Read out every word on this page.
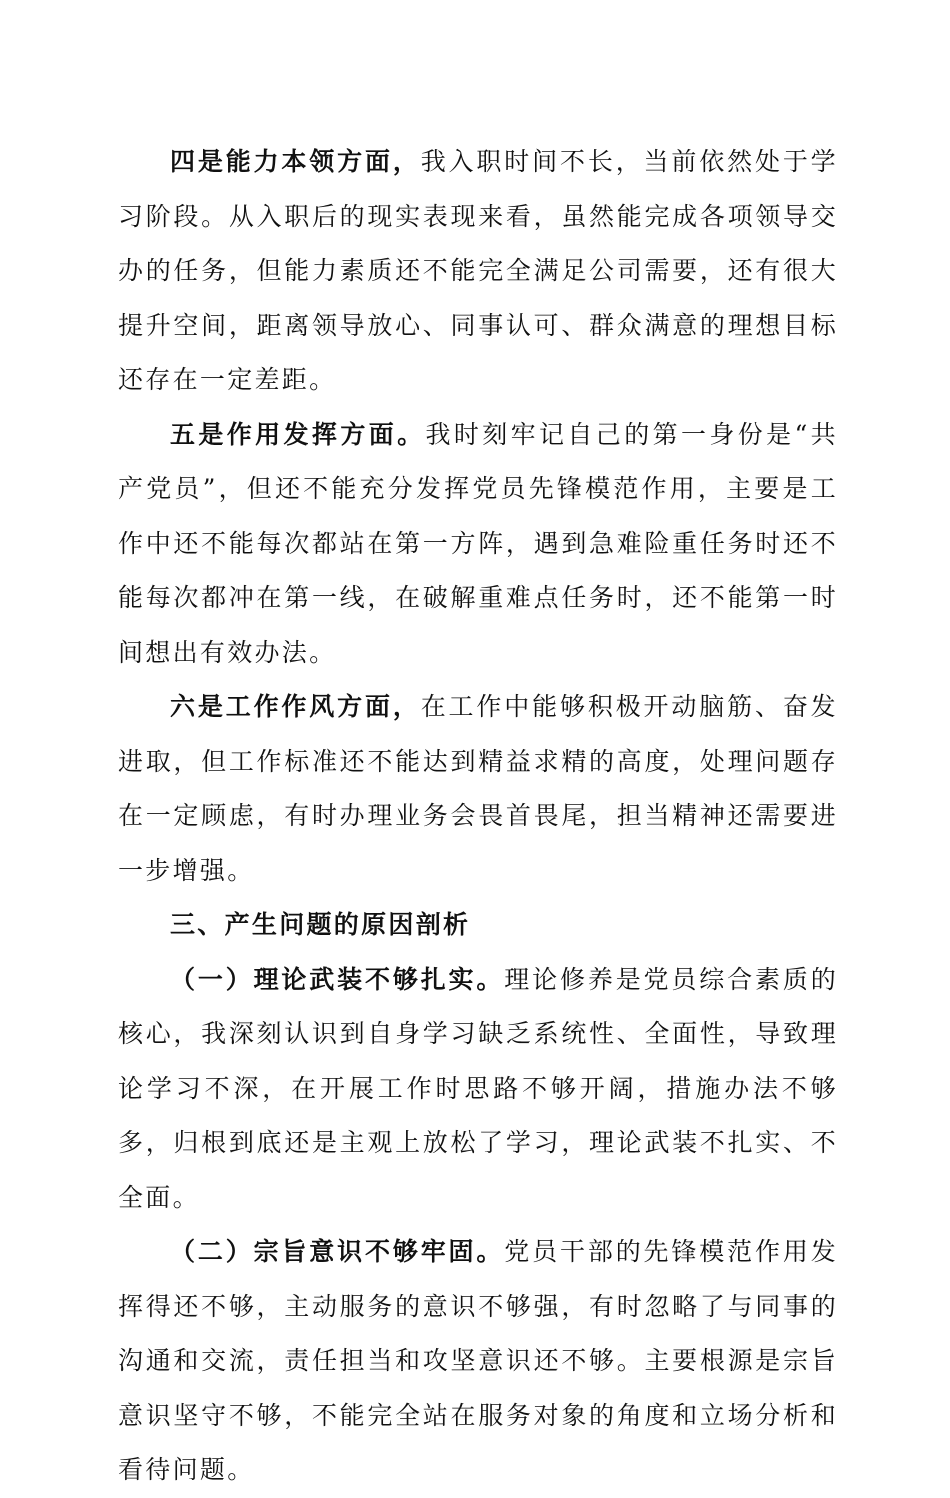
四是能力本领方面，我入职时间不长，当前依然处于学习阶段。从入职后的现实表现来看，虽然能完成各项领导交办的任务，但能力素质还不能完全满足公司需要，还有很大提升空间，距离领导放心、同事认可、群众满意的理想目标还存在一定差距。

五是作用发挥方面。我时刻牢记自己的第一身份是“共产党员”，但还不能充分发挥党员先锋模范作用，主要是工作中还不能每次都站在第一方阵，遇到急难险重任务时还不能每次都冲在第一线，在破解重难点任务时，还不能第一时间想出有效办法。

六是工作作风方面，在工作中能够积极开动脑筋、奋发进取，但工作标准还不能达到精益求精的高度，处理问题存在一定顾虑，有时办理业务会畏首畏尾，担当精神还需要进一步增强。

三、产生问题的原因剖析

（一）理论武装不够扎实。理论修养是党员综合素质的核心，我深刻认识到自身学习缺乏系统性、全面性，导致理论学习不深，在开展工作时思路不够开阔，措施办法不够多，归根到底还是主观上放松了学习，理论武装不扎实、不全面。

（二）宗旨意识不够牢固。党员干部的先锋模范作用发挥得还不够，主动服务的意识不够强，有时忽略了与同事的沟通和交流，责任担当和攻坚意识还不够。主要根源是宗旨意识坚守不够，不能完全站在服务对象的角度和立场分析和看待问题。
